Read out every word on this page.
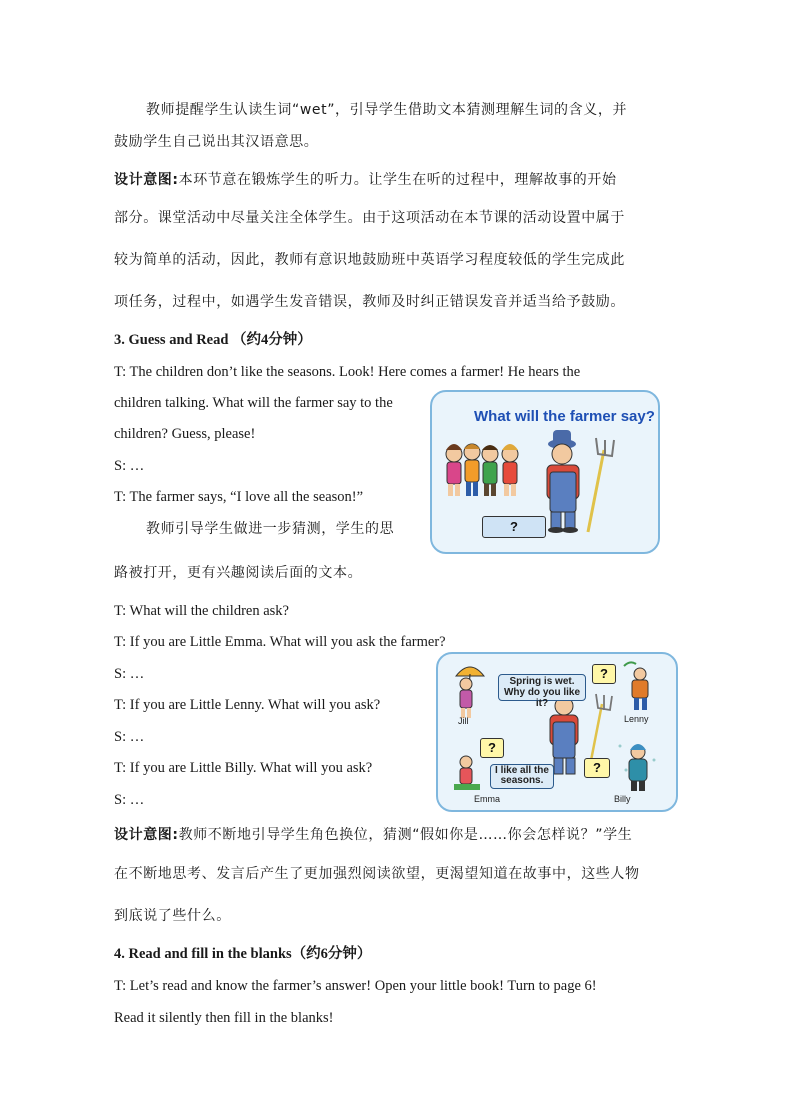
教师提醒学生认读生词“wet”，引导学生借助文本猜测理解生词的含义，并
鼓励学生自己说出其汉语意思。
设计意图:本环节意在锻炼学生的听力。让学生在听的过程中，理解故事的开始
部分。课堂活动中尽量关注全体学生。由于这项活动在本节课的活动设置中属于
较为简单的活动，因此，教师有意识地鼓励班中英语学习程度较低的学生完成此
项任务，过程中，如遇学生发音错误，教师及时纠正错误发音并适当给予鼓励。
3. Guess and Read （约4分钟）
T: The children don’t like the seasons. Look! Here comes a farmer! He hears the
children talking. What will the farmer say to the
children? Guess, please!
S: …
T: The farmer says, “I love all the season!”
教师引导学生做进一步猜测，学生的思
路被打开，更有兴趣阅读后面的文本。
T: What will the children ask?
T: If you are Little Emma. What will you ask the farmer?
S: …
T: If you are Little Lenny. What will you ask?
S: …
T: If you are Little Billy. What will you ask?
S: …
设计意图:教师不断地引导学生角色换位，猜测“假如你是……你会怎样说？”学生
在不断地思考、发言后产生了更加强烈阅读欲望，更渴望知道在故事中，这些人物
到底说了些什么。
4. Read and fill in the blanks（约6分钟）
T: Let’s read and know the farmer’s answer! Open your little book! Turn to page 6!
Read it silently then fill in the blanks!
What will the farmer say?
?
Spring is wet. Why do you like it?
I like all the seasons.
?
?
?
Jill	Lenny
Emma	Billy
